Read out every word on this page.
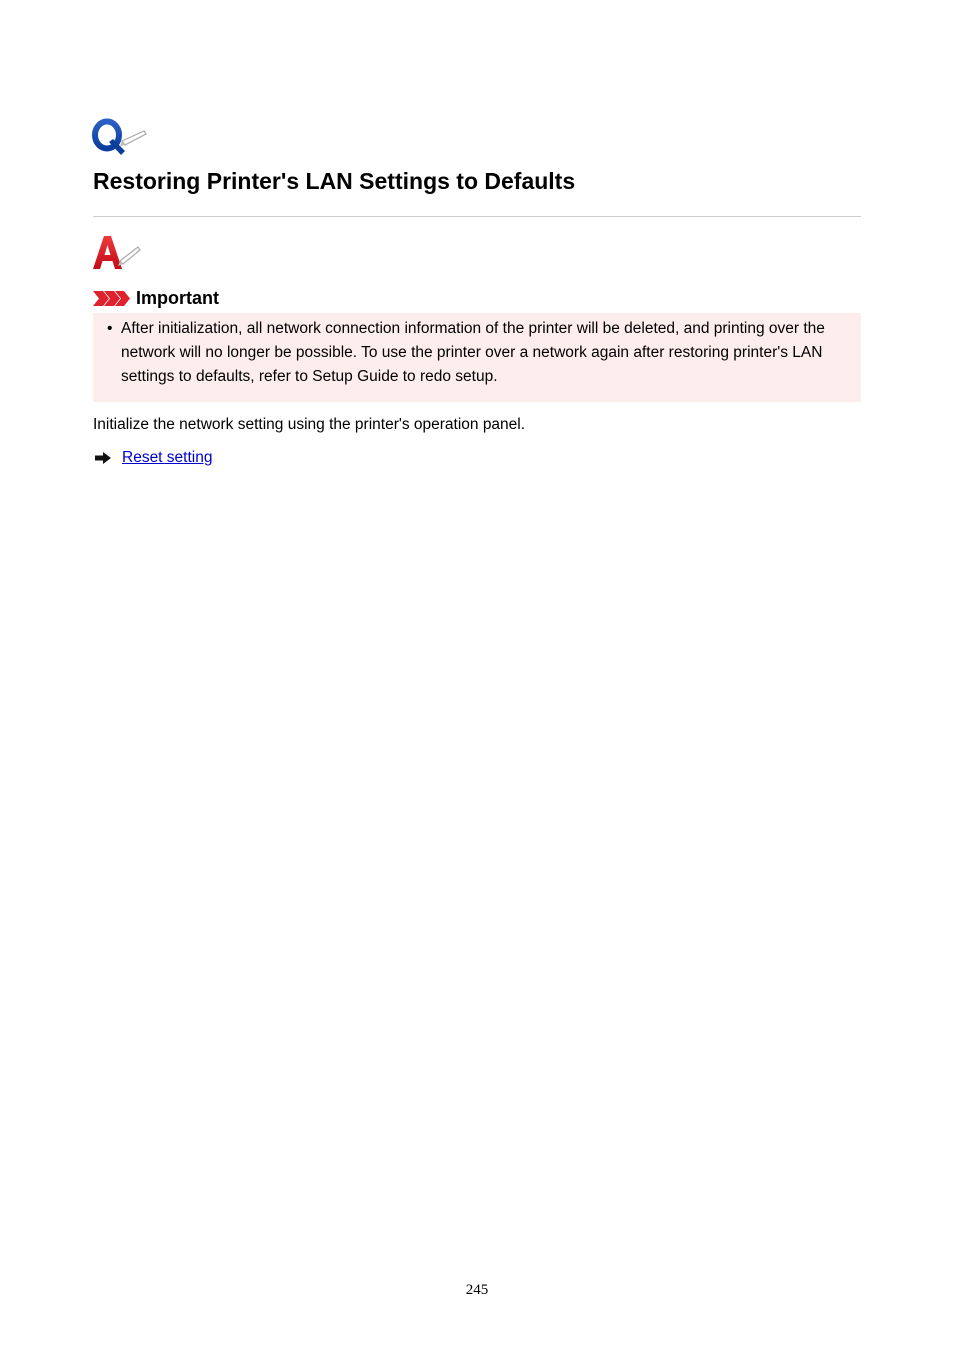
Restoring Printer's LAN Settings to Defaults
Important
• After initialization, all network connection information of the printer will be deleted, and printing over the network will no longer be possible. To use the printer over a network again after restoring printer's LAN settings to defaults, refer to Setup Guide to redo setup.

Initialize the network setting using the printer's operation panel.

Reset setting
245
